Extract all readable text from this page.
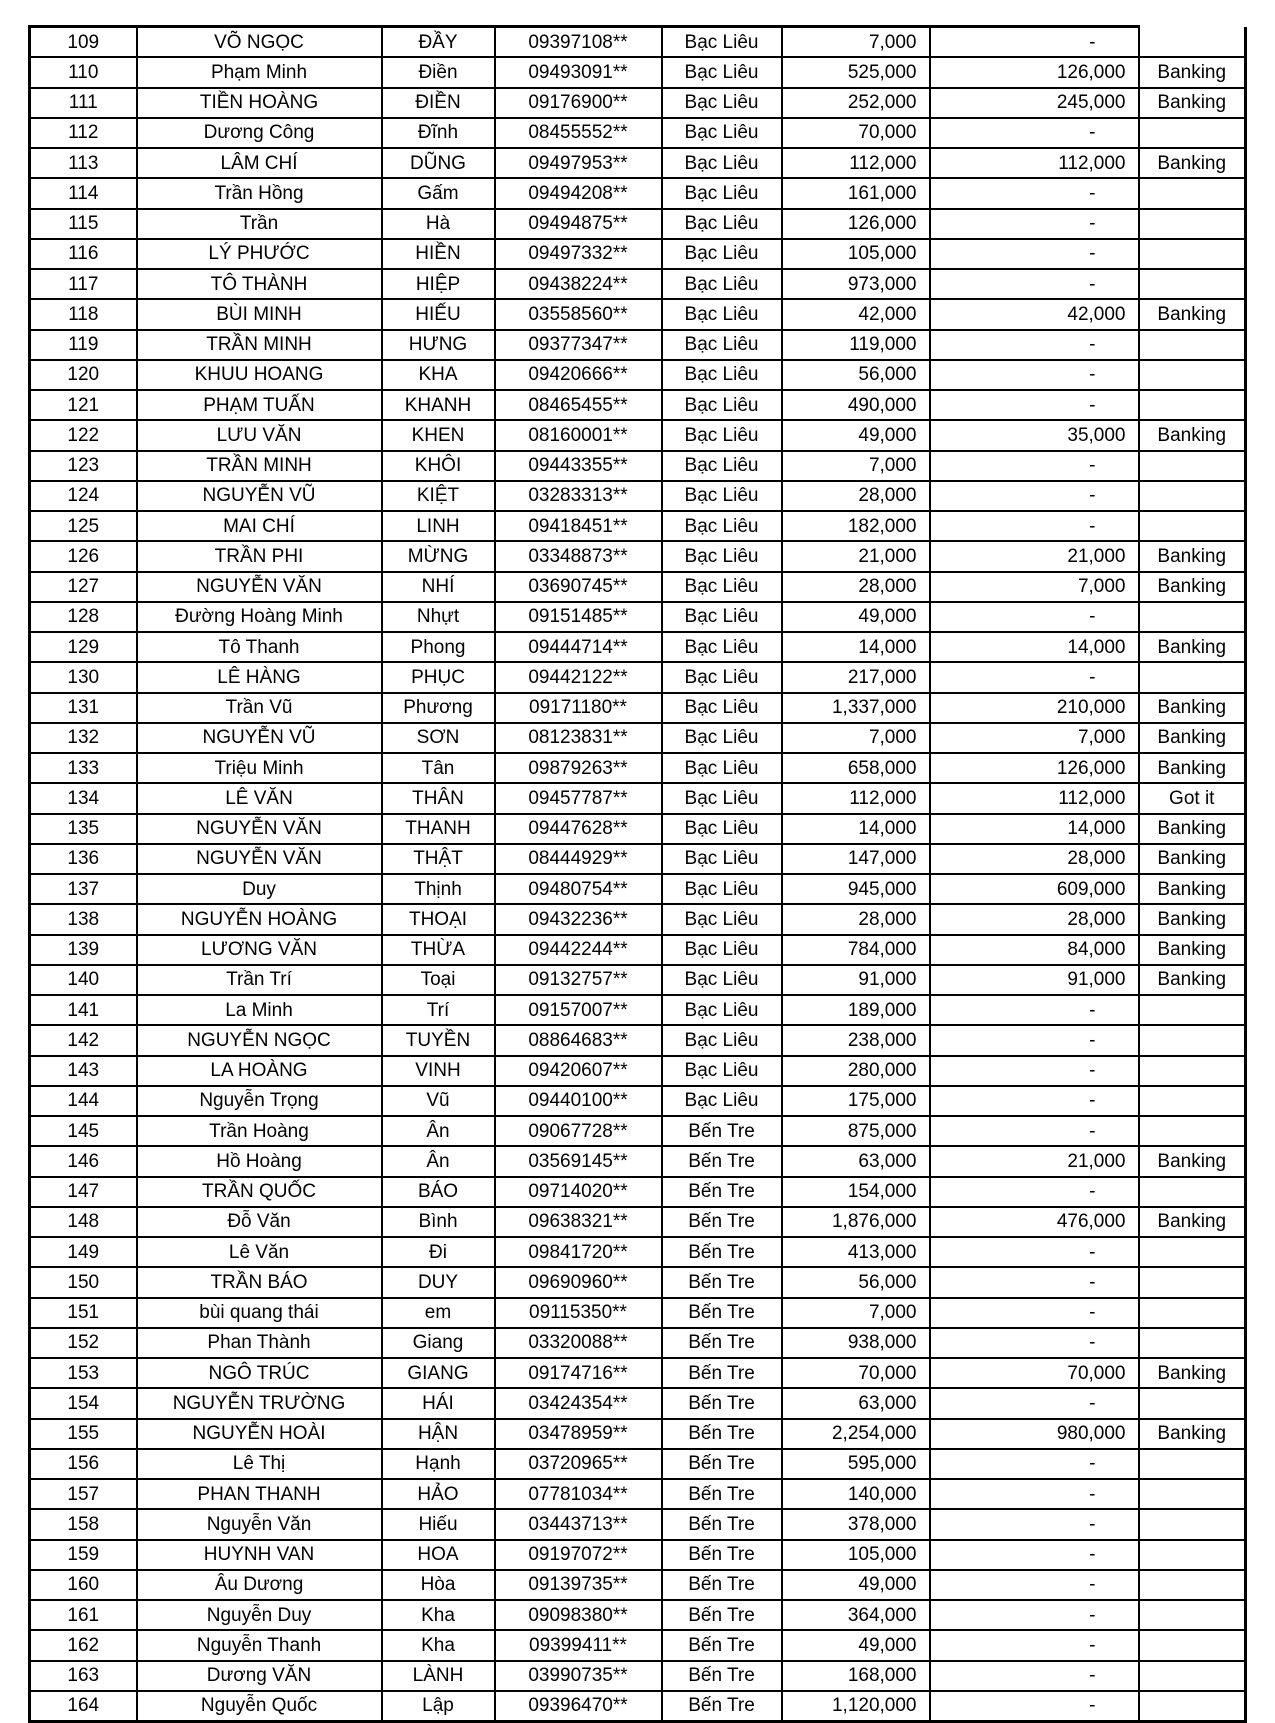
109	VÕ NGỌC	ĐẦY	09397108**	Bạc Liêu	7,000	-	
110	Phạm Minh	Điền	09493091**	Bạc Liêu	525,000	126,000	Banking
111	TIỀN HOÀNG	ĐIỀN	09176900**	Bạc Liêu	252,000	245,000	Banking
112	Dương Công	Đĩnh	08455552**	Bạc Liêu	70,000	-	
113	LÂM CHÍ	DŨNG	09497953**	Bạc Liêu	112,000	112,000	Banking
114	Trần Hồng	Gấm	09494208**	Bạc Liêu	161,000	-	
115	Trần	Hà	09494875**	Bạc Liêu	126,000	-	
116	LÝ PHƯỚC	HIỀN	09497332**	Bạc Liêu	105,000	-	
117	TÔ THÀNH	HIỆP	09438224**	Bạc Liêu	973,000	-	
118	BÙI MINH	HIẾU	03558560**	Bạc Liêu	42,000	42,000	Banking
119	TRẦN MINH	HƯNG	09377347**	Bạc Liêu	119,000	-	
120	KHUU HOANG	KHA	09420666**	Bạc Liêu	56,000	-	
121	PHẠM TUẤN	KHANH	08465455**	Bạc Liêu	490,000	-	
122	LƯU VĂN	KHEN	08160001**	Bạc Liêu	49,000	35,000	Banking
123	TRẦN MINH	KHÔI	09443355**	Bạc Liêu	7,000	-	
124	NGUYỄN VŨ	KIỆT	03283313**	Bạc Liêu	28,000	-	
125	MAI CHÍ	LINH	09418451**	Bạc Liêu	182,000	-	
126	TRẦN PHI	MỪNG	03348873**	Bạc Liêu	21,000	21,000	Banking
127	NGUYỄN VĂN	NHÍ	03690745**	Bạc Liêu	28,000	7,000	Banking
128	Đường Hoàng Minh	Nhựt	09151485**	Bạc Liêu	49,000	-	
129	Tô Thanh	Phong	09444714**	Bạc Liêu	14,000	14,000	Banking
130	LÊ HÀNG	PHỤC	09442122**	Bạc Liêu	217,000	-	
131	Trần Vũ	Phương	09171180**	Bạc Liêu	1,337,000	210,000	Banking
132	NGUYỄN VŨ	SƠN	08123831**	Bạc Liêu	7,000	7,000	Banking
133	Triệu Minh	Tân	09879263**	Bạc Liêu	658,000	126,000	Banking
134	LÊ VĂN	THÂN	09457787**	Bạc Liêu	112,000	112,000	Got it
135	NGUYỄN VĂN	THANH	09447628**	Bạc Liêu	14,000	14,000	Banking
136	NGUYỄN VĂN	THẬT	08444929**	Bạc Liêu	147,000	28,000	Banking
137	Duy	Thịnh	09480754**	Bạc Liêu	945,000	609,000	Banking
138	NGUYỄN HOÀNG	THOẠI	09432236**	Bạc Liêu	28,000	28,000	Banking
139	LƯƠNG VĂN	THỪA	09442244**	Bạc Liêu	784,000	84,000	Banking
140	Trần Trí	Toại	09132757**	Bạc Liêu	91,000	91,000	Banking
141	La Minh	Trí	09157007**	Bạc Liêu	189,000	-	
142	NGUYỄN NGỌC	TUYỀN	08864683**	Bạc Liêu	238,000	-	
143	LA HOÀNG	VINH	09420607**	Bạc Liêu	280,000	-	
144	Nguyễn Trọng	Vũ	09440100**	Bạc Liêu	175,000	-	
145	Trần Hoàng	Ân	09067728**	Bến Tre	875,000	-	
146	Hồ Hoàng	Ân	03569145**	Bến Tre	63,000	21,000	Banking
147	TRẦN QUỐC	BÁO	09714020**	Bến Tre	154,000	-	
148	Đỗ Văn	Bình	09638321**	Bến Tre	1,876,000	476,000	Banking
149	Lê Văn	Đi	09841720**	Bến Tre	413,000	-	
150	TRẦN BÁO	DUY	09690960**	Bến Tre	56,000	-	
151	bùi quang thái	em	09115350**	Bến Tre	7,000	-	
152	Phan Thành	Giang	03320088**	Bến Tre	938,000	-	
153	NGÔ TRÚC	GIANG	09174716**	Bến Tre	70,000	70,000	Banking
154	NGUYỄN TRƯỜNG	HÁI	03424354**	Bến Tre	63,000	-	
155	NGUYỄN HOÀI	HẬN	03478959**	Bến Tre	2,254,000	980,000	Banking
156	Lê Thị	Hạnh	03720965**	Bến Tre	595,000	-	
157	PHAN THANH	HẢO	07781034**	Bến Tre	140,000	-	
158	Nguyễn Văn	Hiếu	03443713**	Bến Tre	378,000	-	
159	HUYNH VAN	HOA	09197072**	Bến Tre	105,000	-	
160	Âu Dương	Hòa	09139735**	Bến Tre	49,000	-	
161	Nguyễn Duy	Kha	09098380**	Bến Tre	364,000	-	
162	Nguyễn Thanh	Kha	09399411**	Bến Tre	49,000	-	
163	Dương VĂN	LÀNH	03990735**	Bến Tre	168,000	-	
164	Nguyễn Quốc	Lập	09396470**	Bến Tre	1,120,000	-	
